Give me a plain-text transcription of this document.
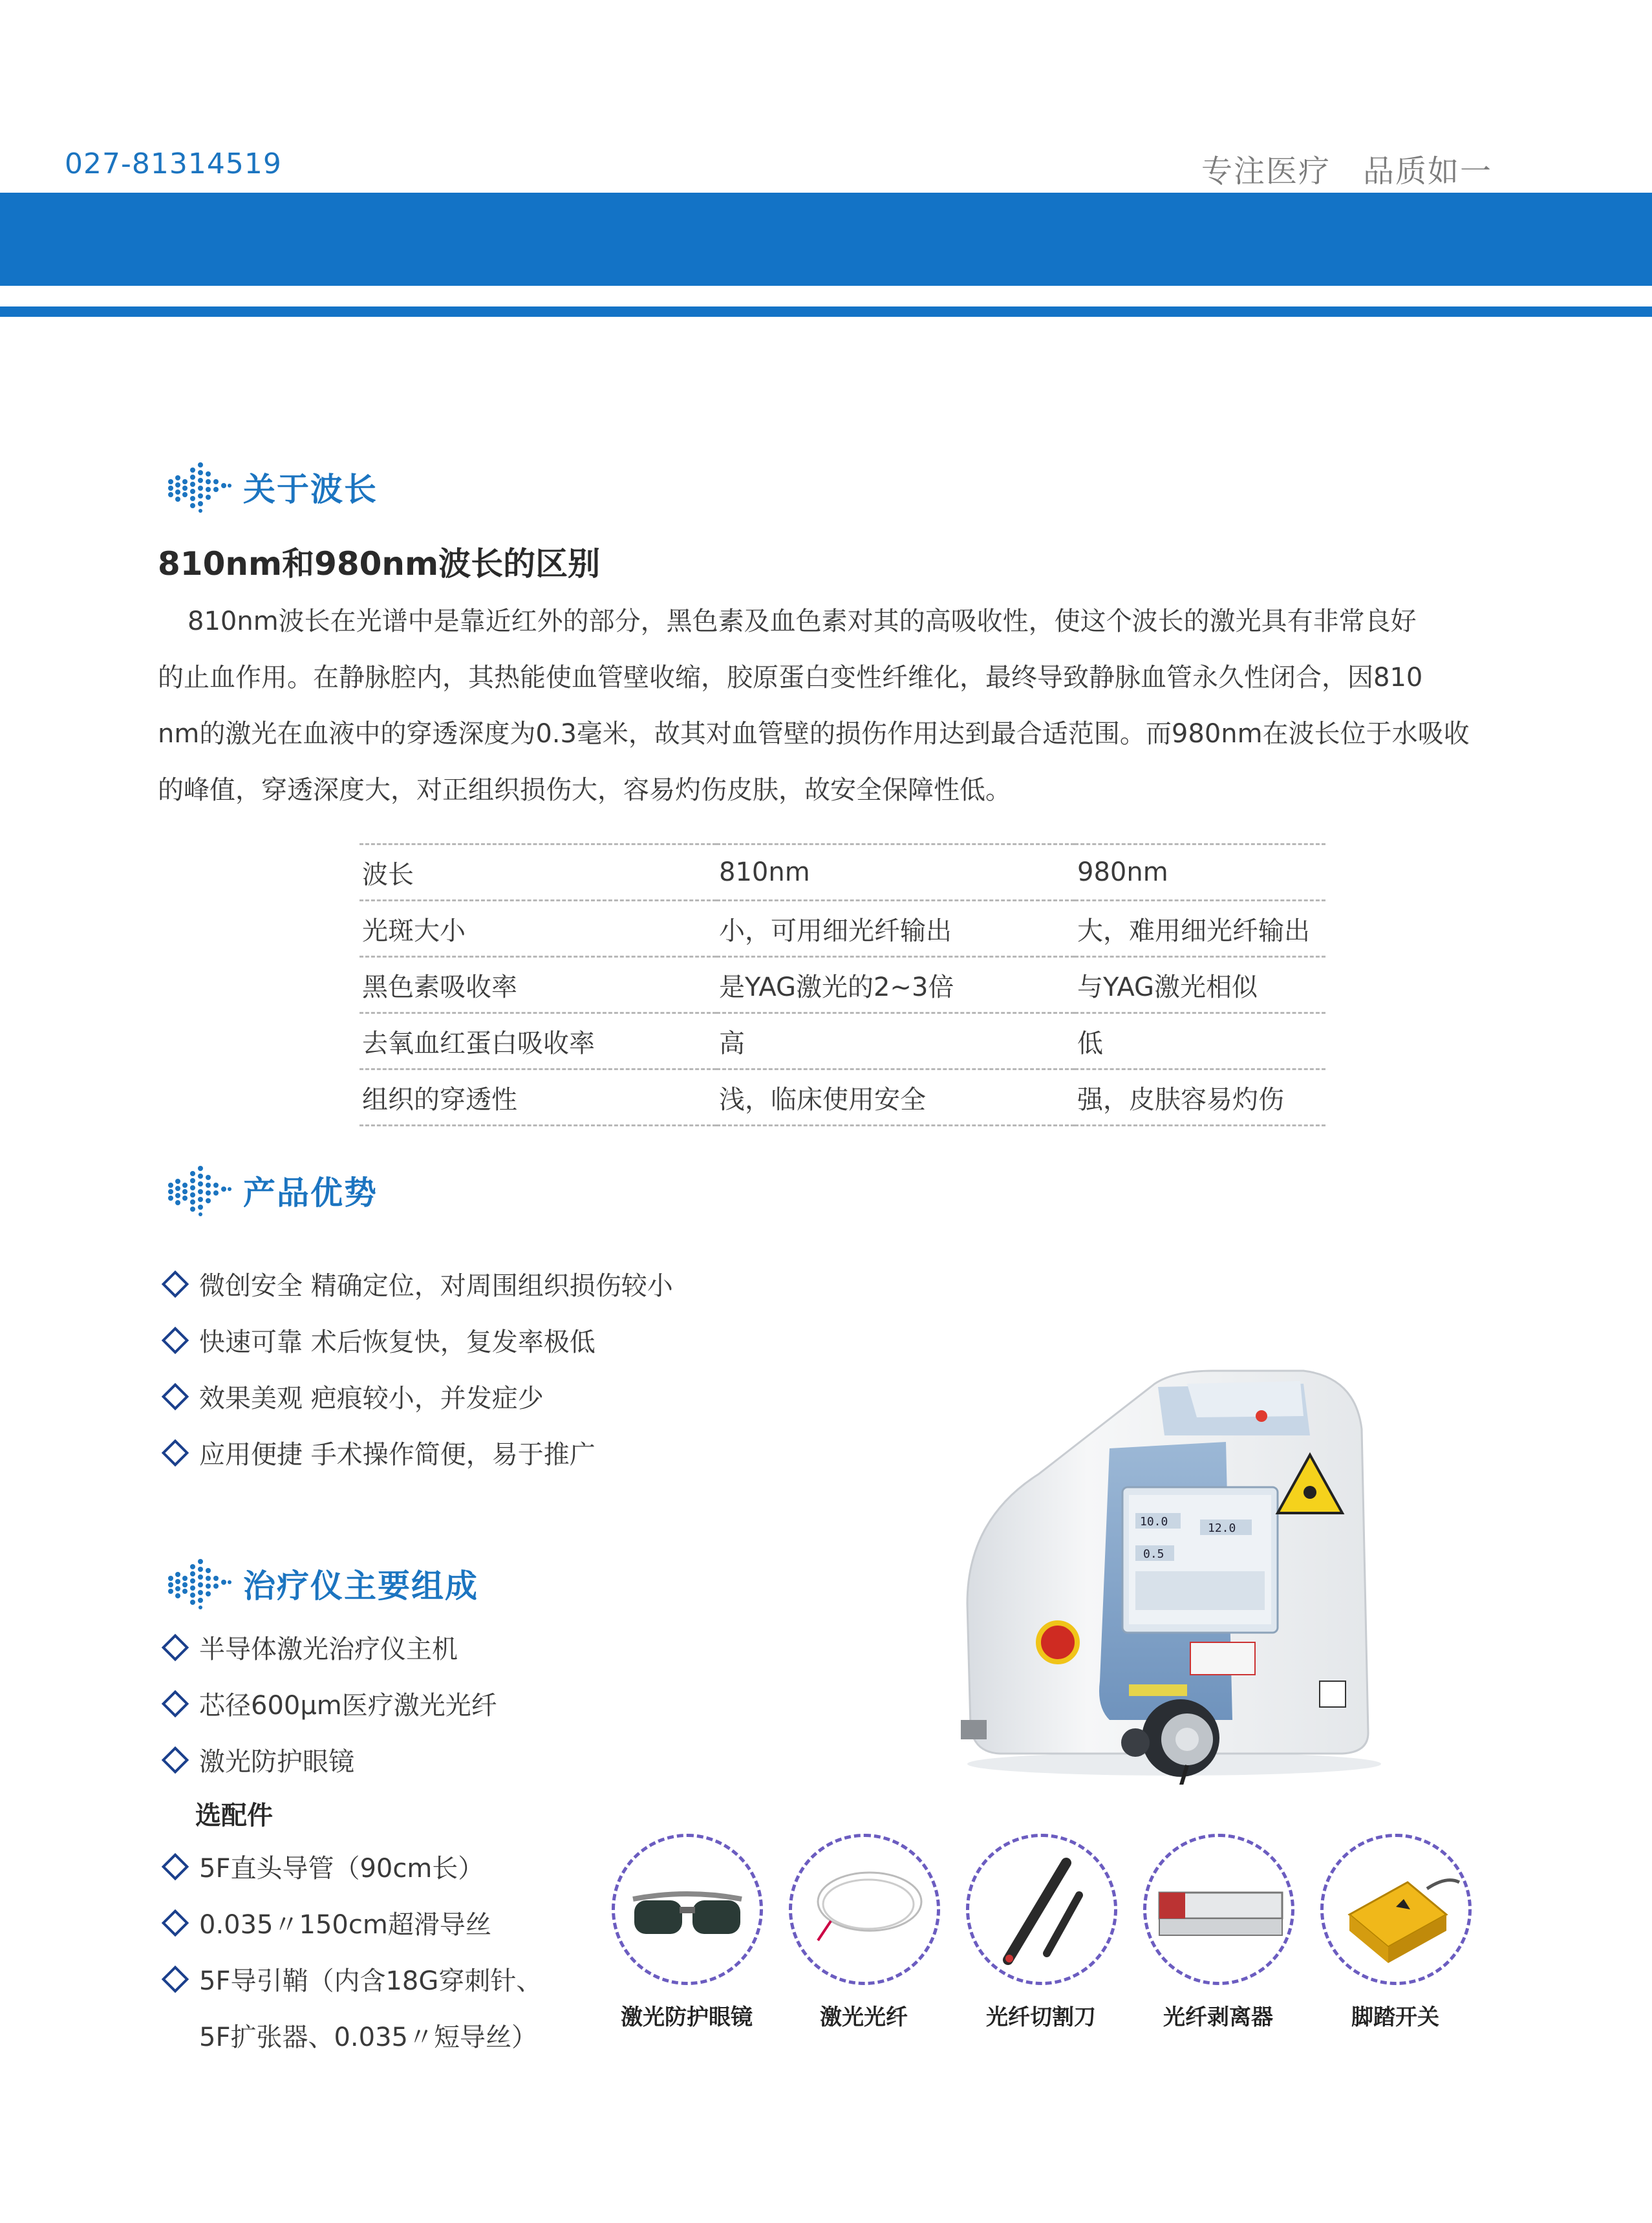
027-81314519	专注医疗　品质如一
关于波长
810nm和980nm波长的区别
810nm波长在光谱中是靠近红外的部分，黑色素及血色素对其的高吸收性，使这个波长的激光具有非常良好
的止血作用。在静脉腔内，其热能使血管壁收缩，胶原蛋白变性纤维化，最终导致静脉血管永久性闭合，因810
nm的激光在血液中的穿透深度为0.3毫米，故其对血管壁的损伤作用达到最合适范围。而980nm在波长位于水吸收
的峰值，穿透深度大，对正组织损伤大，容易灼伤皮肤，故安全保障性低。
波长	810nm	980nm
光斑大小	小，可用细光纤输出	大，难用细光纤输出
黑色素吸收率	是YAG激光的2~3倍	与YAG激光相似
去氧血红蛋白吸收率	高	低
组织的穿透性	浅，临床使用安全	强，皮肤容易灼伤
产品优势
微创安全 精确定位，对周围组织损伤较小
快速可靠 术后恢复快，复发率极低
效果美观 疤痕较小，并发症少
应用便捷 手术操作简便，易于推广
治疗仪主要组成
半导体激光治疗仪主机
芯径600μm医疗激光光纤
激光防护眼镜
选配件
5F直头导管（90cm长）
0.035〃150cm超滑导丝
5F导引鞘（内含18G穿刺针、
5F扩张器、0.035〃短导丝）
10.0	12.0
0.5
激光防护眼镜	激光光纤	光纤切割刀	光纤剥离器	脚踏开关
